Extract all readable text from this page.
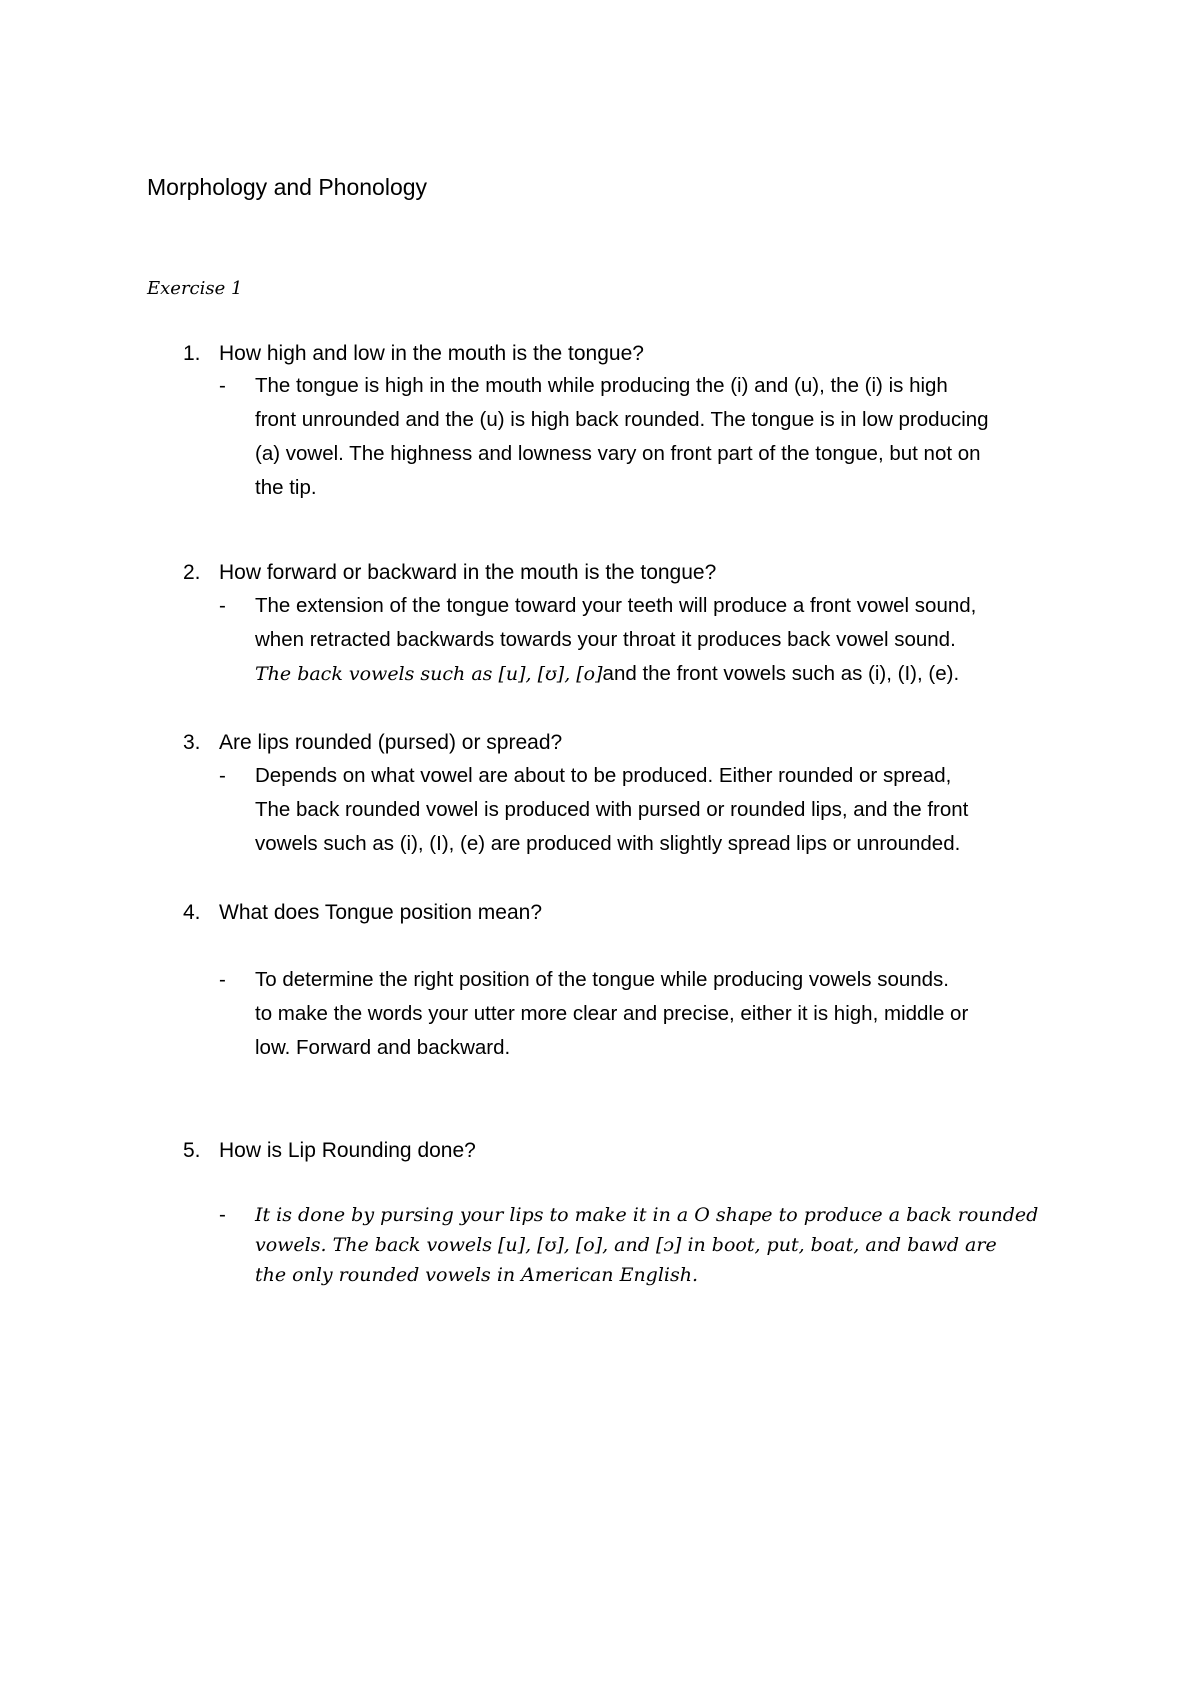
Morphology and Phonology
Exercise 1
1. How high and low in the mouth is the tongue?
- The tongue is high in the mouth while producing the (i) and (u), the (i) is high
front unrounded and the (u) is high back rounded. The tongue is in low producing
(a) vowel. The highness and lowness vary on front part of the tongue, but not on
the tip.
2. How forward or backward in the mouth is the tongue?
- The extension of the tongue toward your teeth will produce a front vowel sound,
when retracted backwards towards your throat it produces back vowel sound.
The back vowels such as [u], [ʊ], [o]and the front vowels such as (i), (I), (e).
3. Are lips rounded (pursed) or spread?
- Depends on what vowel are about to be produced. Either rounded or spread,
The back rounded vowel is produced with pursed or rounded lips, and the front
vowels such as (i), (I), (e) are produced with slightly spread lips or unrounded.
4. What does Tongue position mean?
- To determine the right position of the tongue while producing vowels sounds.
to make the words your utter more clear and precise, either it is high, middle or
low. Forward and backward.
5. How is Lip Rounding done?
- It is done by pursing your lips to make it in a O shape to produce a back rounded
vowels. The back vowels [u], [ʊ], [o], and [ɔ] in boot, put, boat, and bawd are
the only rounded vowels in American English.
